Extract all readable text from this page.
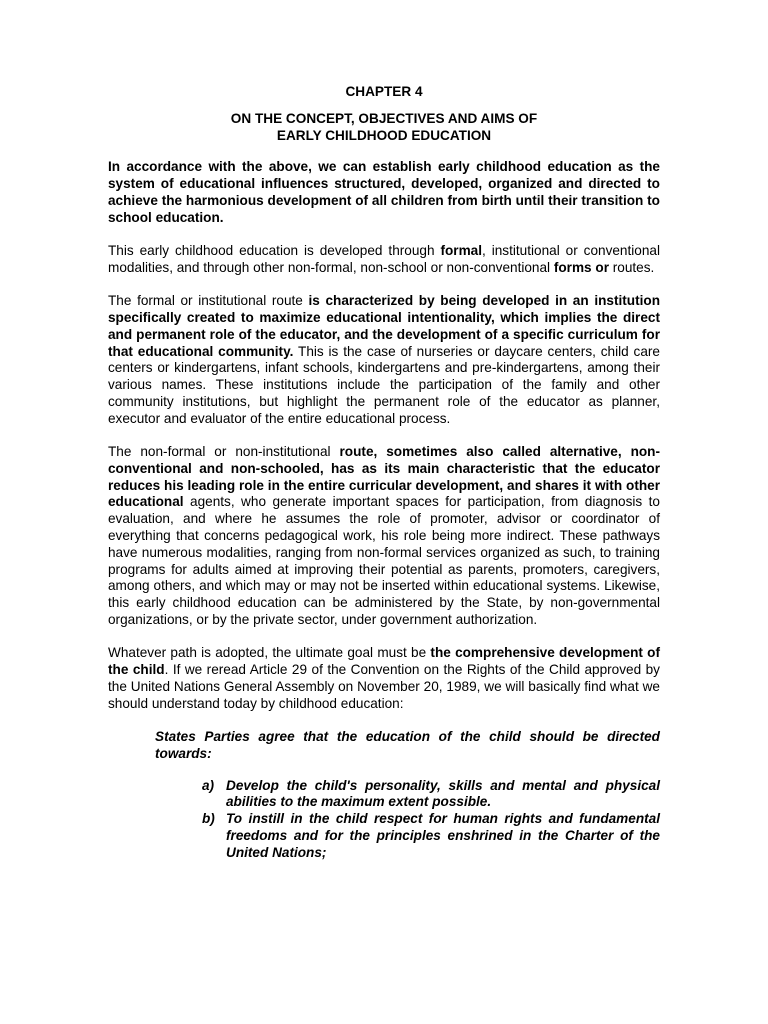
CHAPTER 4
ON THE CONCEPT, OBJECTIVES AND AIMS OF
EARLY CHILDHOOD EDUCATION

In accordance with the above, we can establish early childhood education as the system of educational influences structured, developed, organized and directed to achieve the harmonious development of all children from birth until their transition to school education.

This early childhood education is developed through formal, institutional or conventional modalities, and through other non-formal, non-school or non-conventional forms or routes.

The formal or institutional route is characterized by being developed in an institution specifically created to maximize educational intentionality, which implies the direct and permanent role of the educator, and the development of a specific curriculum for that educational community. This is the case of nurseries or daycare centers, child care centers or kindergartens, infant schools, kindergartens and pre-kindergartens, among their various names. These institutions include the participation of the family and other community institutions, but highlight the permanent role of the educator as planner, executor and evaluator of the entire educational process.

The non-formal or non-institutional route, sometimes also called alternative, non-conventional and non-schooled, has as its main characteristic that the educator reduces his leading role in the entire curricular development, and shares it with other educational agents, who generate important spaces for participation, from diagnosis to evaluation, and where he assumes the role of promoter, advisor or coordinator of everything that concerns pedagogical work, his role being more indirect. These pathways have numerous modalities, ranging from non-formal services organized as such, to training programs for adults aimed at improving their potential as parents, promoters, caregivers, among others, and which may or may not be inserted within educational systems. Likewise, this early childhood education can be administered by the State, by non-governmental organizations, or by the private sector, under government authorization.

Whatever path is adopted, the ultimate goal must be the comprehensive development of the child. If we reread Article 29 of the Convention on the Rights of the Child approved by the United Nations General Assembly on November 20, 1989, we will basically find what we should understand today by childhood education:

States Parties agree that the education of the child should be directed towards:
a) Develop the child's personality, skills and mental and physical abilities to the maximum extent possible.
b) To instill in the child respect for human rights and fundamental freedoms and for the principles enshrined in the Charter of the United Nations;
